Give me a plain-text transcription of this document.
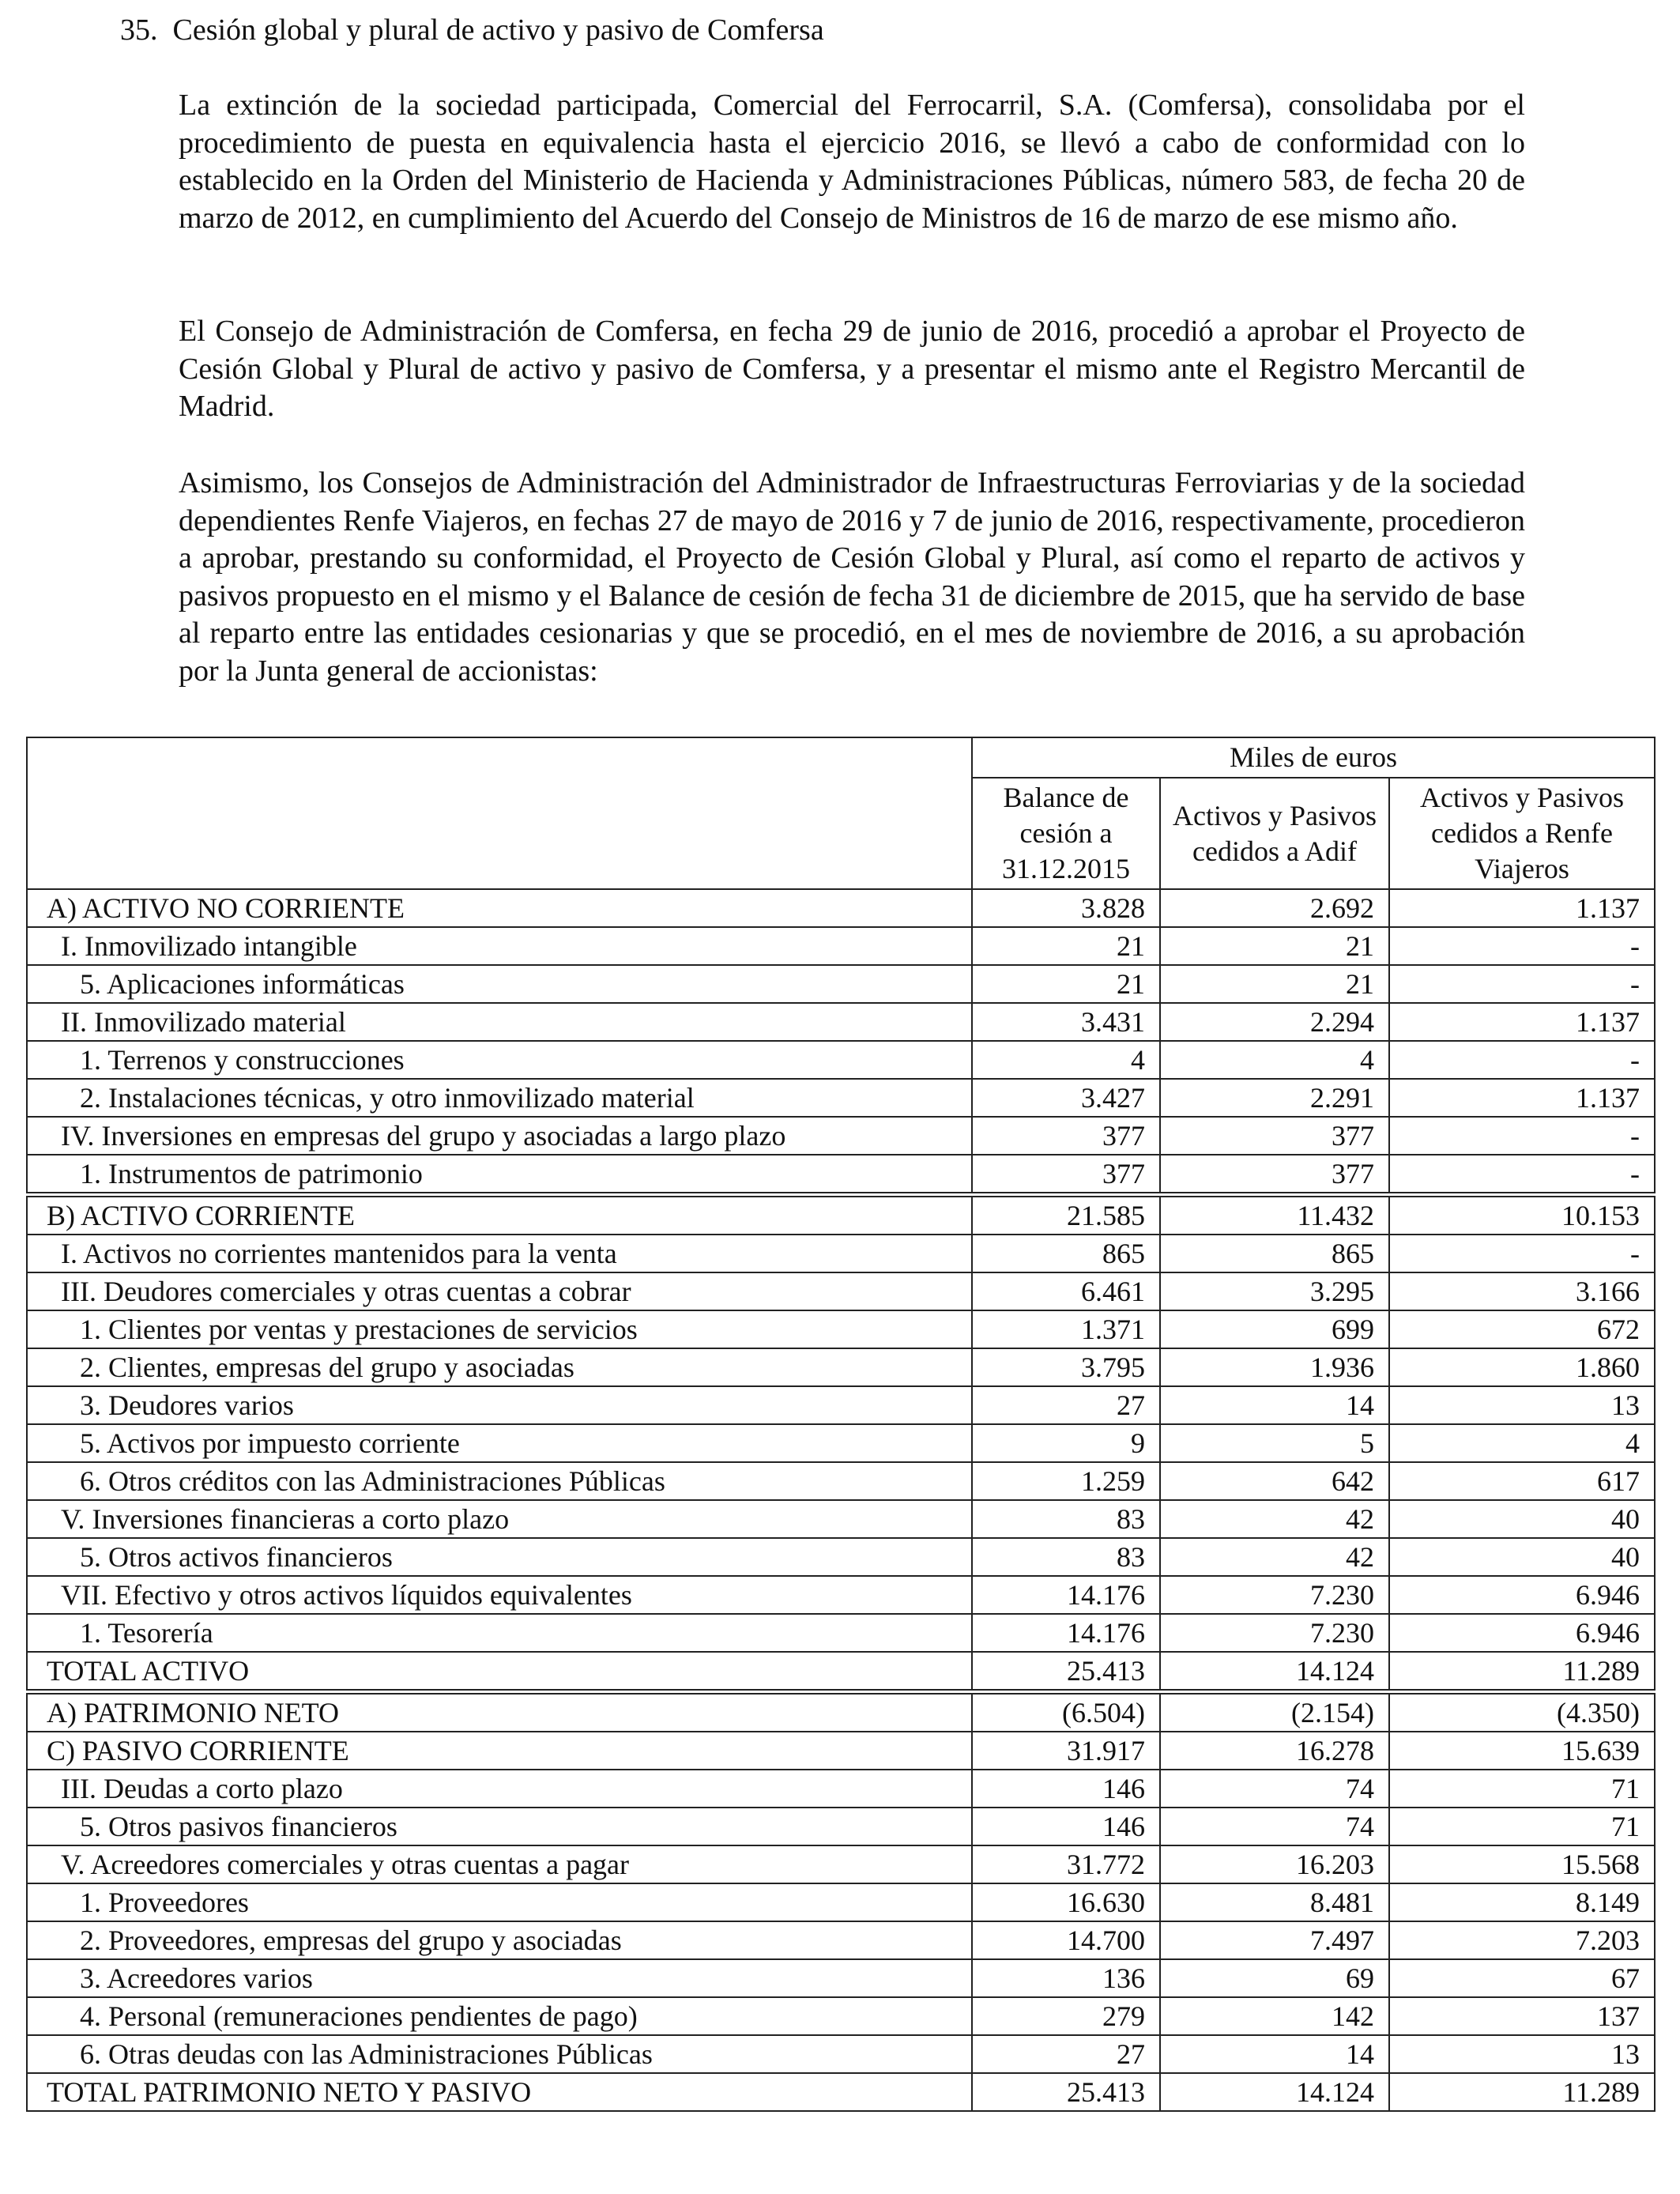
35.  Cesión global y plural de activo y pasivo de Comfersa

La extinción de la sociedad participada, Comercial del Ferrocarril, S.A. (Comfersa), consolidaba por el procedimiento de puesta en equivalencia hasta el ejercicio 2016, se llevó a cabo de conformidad con lo establecido en la Orden del Ministerio de Hacienda y Administraciones Públicas, número 583, de fecha 20 de marzo de 2012, en cumplimiento del Acuerdo del Consejo de Ministros de 16 de marzo de ese mismo año.

El Consejo de Administración de Comfersa, en fecha 29 de junio de 2016, procedió a aprobar el Proyecto de Cesión Global y Plural de activo y pasivo de Comfersa, y a presentar el mismo ante el Registro Mercantil de Madrid.

Asimismo, los Consejos de Administración del Administrador de Infraestructuras Ferroviarias y de la sociedad dependientes Renfe Viajeros, en fechas 27 de mayo de 2016 y 7 de junio de 2016, respectivamente, procedieron a aprobar, prestando su conformidad, el Proyecto de Cesión Global y Plural, así como el reparto de activos y pasivos propuesto en el mismo y el Balance de cesión de fecha 31 de diciembre de 2015, que ha servido de base al reparto entre las entidades cesionarias y que se procedió, en el mes de noviembre de 2016, a su aprobación por la Junta general de accionistas:

	Miles de euros		
	Balance de cesión a 31.12.2015	Activos y Pasivos cedidos a Adif	Activos y Pasivos cedidos a Renfe Viajeros
A) ACTIVO NO CORRIENTE	3.828	2.692	1.137
I. Inmovilizado intangible	21	21	-
5. Aplicaciones informáticas	21	21	-
II. Inmovilizado material	3.431	2.294	1.137
1. Terrenos y construcciones	4	4	-
2. Instalaciones técnicas, y otro inmovilizado material	3.427	2.291	1.137
IV. Inversiones en empresas del grupo y asociadas a largo plazo	377	377	-
1. Instrumentos de patrimonio	377	377	-
B) ACTIVO CORRIENTE	21.585	11.432	10.153
I. Activos no corrientes mantenidos para la venta	865	865	-
III. Deudores comerciales y otras cuentas a cobrar	6.461	3.295	3.166
1. Clientes por ventas y prestaciones de servicios	1.371	699	672
2. Clientes, empresas del grupo y asociadas	3.795	1.936	1.860
3. Deudores varios	27	14	13
5. Activos por impuesto corriente	9	5	4
6. Otros créditos con las Administraciones Públicas	1.259	642	617
V. Inversiones financieras a corto plazo	83	42	40
5. Otros activos financieros	83	42	40
VII. Efectivo y otros activos líquidos equivalentes	14.176	7.230	6.946
1. Tesorería	14.176	7.230	6.946
TOTAL ACTIVO	25.413	14.124	11.289
A) PATRIMONIO NETO	(6.504)	(2.154)	(4.350)
C) PASIVO CORRIENTE	31.917	16.278	15.639
III. Deudas a corto plazo	146	74	71
5. Otros pasivos financieros	146	74	71
V. Acreedores comerciales y otras cuentas a pagar	31.772	16.203	15.568
1. Proveedores	16.630	8.481	8.149
2. Proveedores, empresas del grupo y asociadas	14.700	7.497	7.203
3. Acreedores varios	136	69	67
4. Personal (remuneraciones pendientes de pago)	279	142	137
6. Otras deudas con las Administraciones Públicas	27	14	13
TOTAL PATRIMONIO NETO Y PASIVO	25.413	14.124	11.289
